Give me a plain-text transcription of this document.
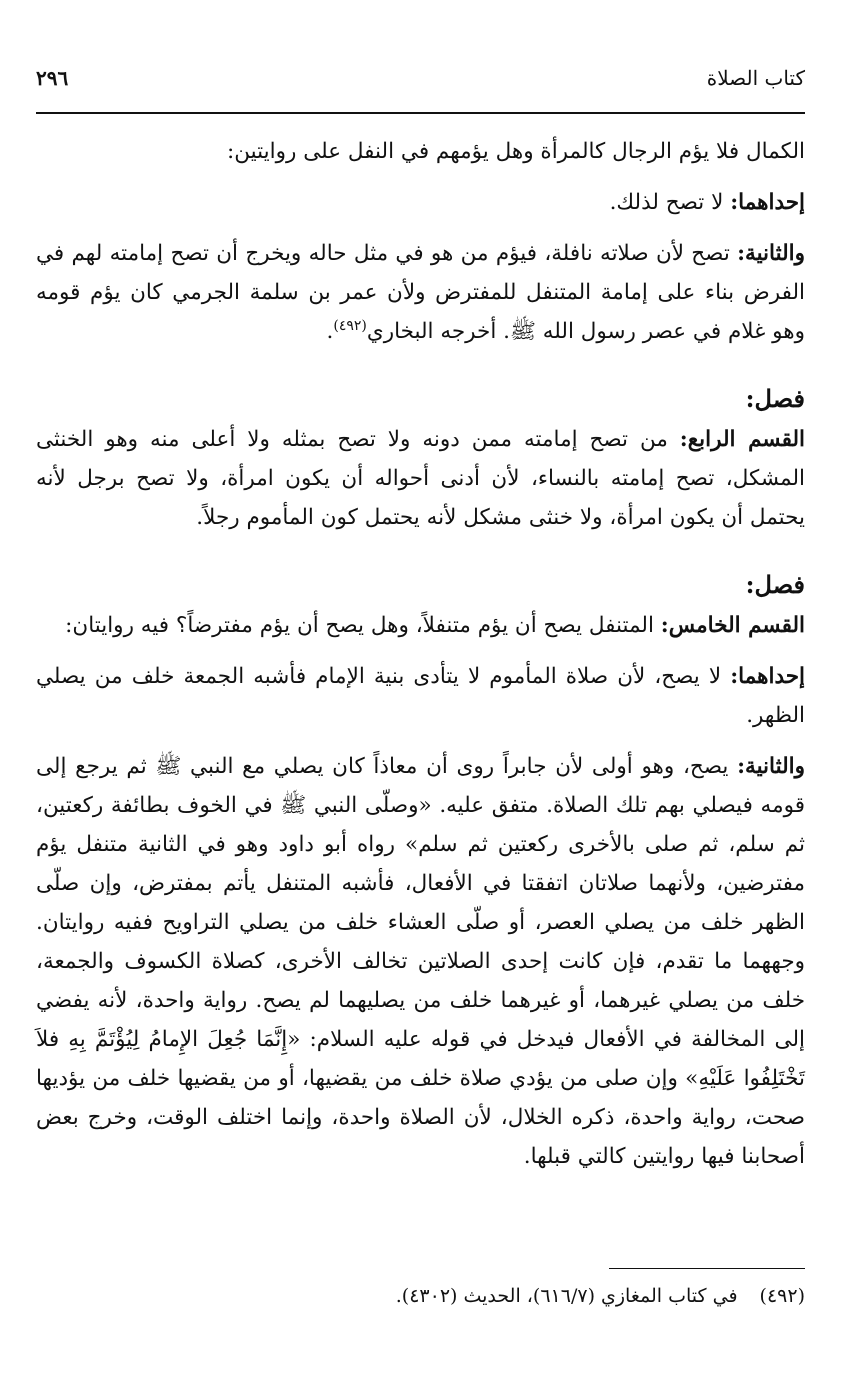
كتاب الصلاة
٢٩٦

الكمال فلا يؤم الرجال كالمرأة وهل يؤمهم في النفل على روايتين:

إحداهما: لا تصح لذلك.

والثانية: تصح لأن صلاته نافلة، فيؤم من هو في مثل حاله ويخرج أن تصح إمامته لهم في الفرض بناء على إمامة المتنفل للمفترض ولأن عمر بن سلمة الجرمي كان يؤم قومه وهو غلام في عصر رسول الله ﷺ. أخرجه البخاري$^{(٤٩٢)}$.

فصل:

القسم الرابع: من تصح إمامته ممن دونه ولا تصح بمثله ولا أعلى منه وهو الخنثى المشكل، تصح إمامته بالنساء، لأن أدنى أحواله أن يكون امرأة، ولا تصح برجل لأنه يحتمل أن يكون امرأة، ولا خنثى مشكل لأنه يحتمل كون المأموم رجلاً.

فصل:

القسم الخامس: المتنفل يصح أن يؤم متنفلاً، وهل يصح أن يؤم مفترضاً؟ فيه روايتان:

إحداهما: لا يصح، لأن صلاة المأموم لا يتأدى بنية الإمام فأشبه الجمعة خلف من يصلي الظهر.

والثانية: يصح، وهو أولى لأن جابراً روى أن معاذاً كان يصلي مع النبي ﷺ ثم يرجع إلى قومه فيصلي بهم تلك الصلاة. متفق عليه. «وصلّى النبي ﷺ في الخوف بطائفة ركعتين، ثم سلم، ثم صلى بالأخرى ركعتين ثم سلم» رواه أبو داود وهو في الثانية متنفل يؤم مفترضين، ولأنهما صلاتان اتفقتا في الأفعال، فأشبه المتنفل يأتم بمفترض، وإن صلّى الظهر خلف من يصلي العصر، أو صلّى العشاء خلف من يصلي التراويح ففيه روايتان. وجههما ما تقدم، فإن كانت إحدى الصلاتين تخالف الأخرى، كصلاة الكسوف والجمعة، خلف من يصلي غيرهما، أو غيرهما خلف من يصليهما لم يصح. رواية واحدة، لأنه يفضي إلى المخالفة في الأفعال فيدخل في قوله عليه السلام: «إِنَّمَا جُعِلَ الإِمامُ لِيُؤْتَمَّ بِهِ فلاَ تَخْتَلِفُوا عَلَيْهِ» وإن صلى من يؤدي صلاة خلف من يقضيها، أو من يقضيها خلف من يؤديها صحت، رواية واحدة، ذكره الخلال، لأن الصلاة واحدة، وإنما اختلف الوقت، وخرج بعض أصحابنا فيها روايتين كالتي قبلها.

(٤٩٢)في كتاب المغازي (٦١٦/٧)، الحديث (٤٣٠٢).
